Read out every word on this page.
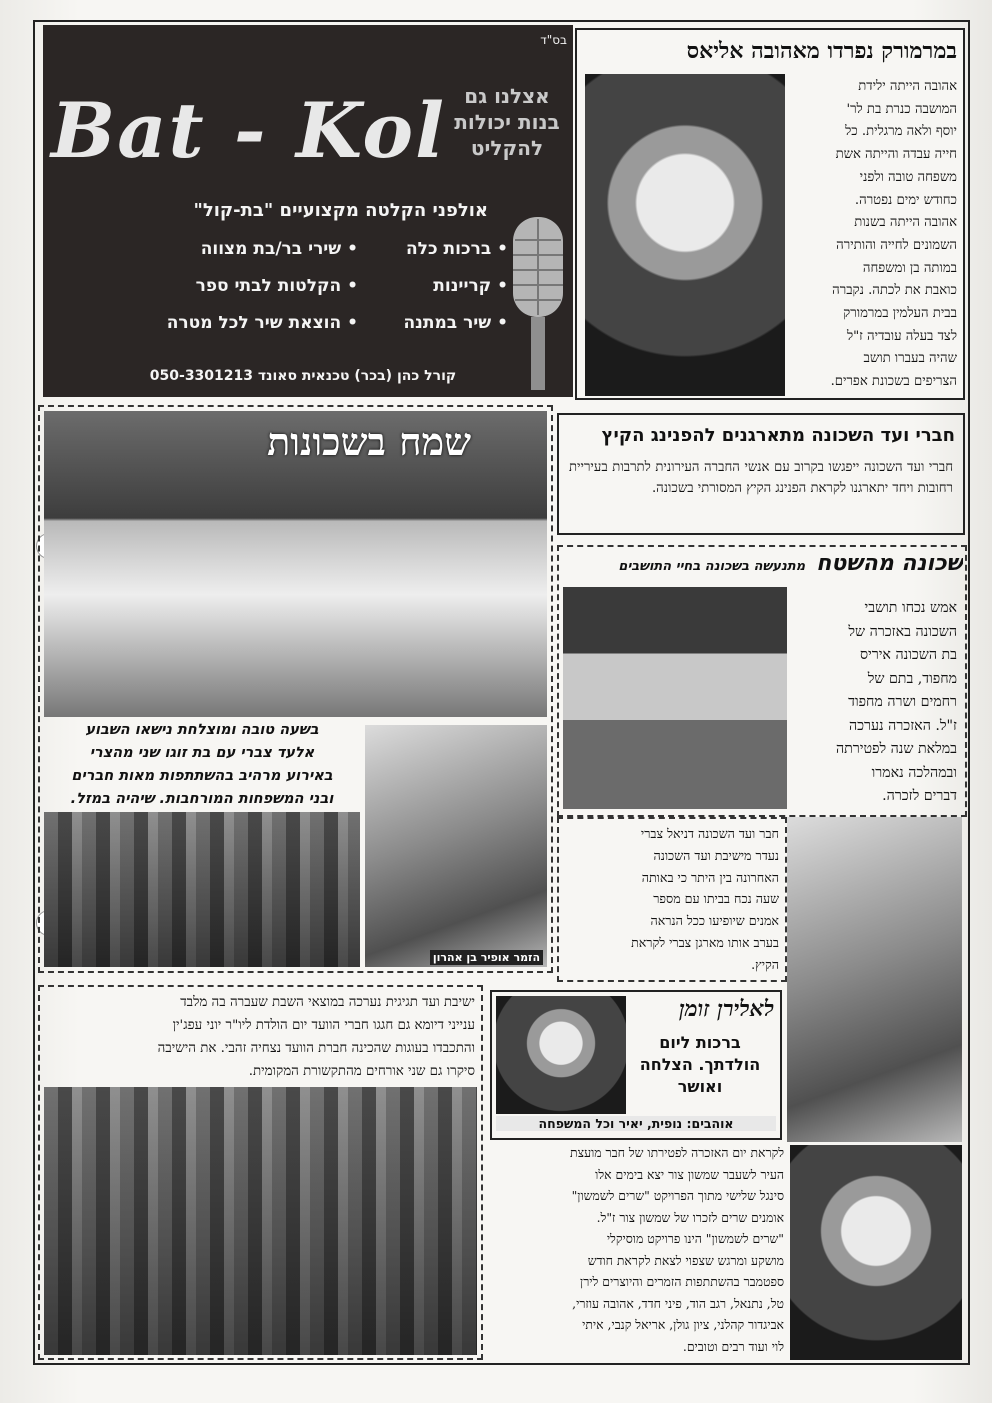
בס"ד
Bat - Kol אצלנו גם
בנות יכולות
להקליט
אולפני הקלטה מקצועיים "בת-קול"
• ברכות כלה
• קריינות
• שיר במתנה
• שירי בר/בת מצווה
• הקלטות לבתי ספר
• הוצאת שיר לכל מטרה
קורל כהן (בכר) טכנאית סאונד 050-3301213
במרמורק נפרדו מאהובה אליאס
אהובה הייתה ילידת
המושבה כנרת בת לר'
יוסף ולאה מרגלית. כל
חייה עבדה והייתה אשת
משפחה טובה ולפני
כחודש ימים נפטרה.
אהובה הייתה בשנות
השמונים לחייה והותירה
במותה בן ומשפחה
כואבת את לכתה. נקברה
בבית העלמין במרמורק
לצד בעלה עובדיה ז"ל
שהיה בעברו תושב
הצריפים בשכונת אפרים.
שמח בשכונות
בשעה טובה ומוצלחת נישאו השבוע
אלעד צברי עם בת זוגו שני מהצרי
באירוע מרהיב בהשתתפות מאות חברים
ובני המשפחות המורחבות. שיהיה במזל.
הזמר אופיר בן אהרון
חברי ועד השכונה מתארגנים להפנינג הקיץ
חברי ועד השכונה ייפגשו בקרוב עם אנשי החברה העירונית לתרבות בעיריית רחובות ויחד יתארגנו לקראת הפנינג הקיץ המסורתי בשכונה.
שכונה מהשטח מתנעשה בשכונה בחיי התושבים
אמש נכחו תושבי
השכונה באזכרה של
בת השכונה איריס
מחפוד, בתם של
רחמים ושרה מחפוד
ז"ל. האזכרה נערכה
במלאת שנה לפטירתה
ובמהלכה נאמרו
דברים לזכרה.
חבר ועד השכונה דניאל צברי
נעדר מישיבת ועד השכונה
האחרונה בין היתר כי באותה
שעה נכח בביתו עם מספר
אמנים שיופיעו ככל הנראה
בערב אותו מארגן צברי לקראת
הקיץ.
ישיבת ועד תגיגית נערכה במוצאי השבת שעברה בה מלבד
ענייני דיומא גם חגגו חברי הוועד יום הולדת ליו"ר יוני עפג'ין
והתכבדו בעוגות שהכינה חברת הוועד נצחיה זהבי. את הישיבה
סיקרו גם שני אורחים מהתקשורת המקומית.
לאלירן זומן
ברכות ליום
הולדתך. הצלחה
ואושר
אוהבים: נופית, יאיר וכל המשפחה
לקראת יום האזכרה לפטירתו של חבר מועצת
העיר לשעבר שמשון צור יצא בימים אלו
סינגל שלישי מתוך הפרויקט "שרים לשמשון"
אומנים שרים לזכרו של שמשון צור ז"ל.
"שרים לשמשון" הינו פרויקט מוסיקלי
מושקע ומרגש שצפוי לצאת לקראת חודש
ספטמבר בהשתתפות הזמרים והיוצרים לירן
טל, נתנאל, רגב הוד, פיני חדד, אהובה עוזרי,
אביגדור קהלני, ציון גולן, אריאל קנבי, איתי
לוי ועוד רבים וטובים.
